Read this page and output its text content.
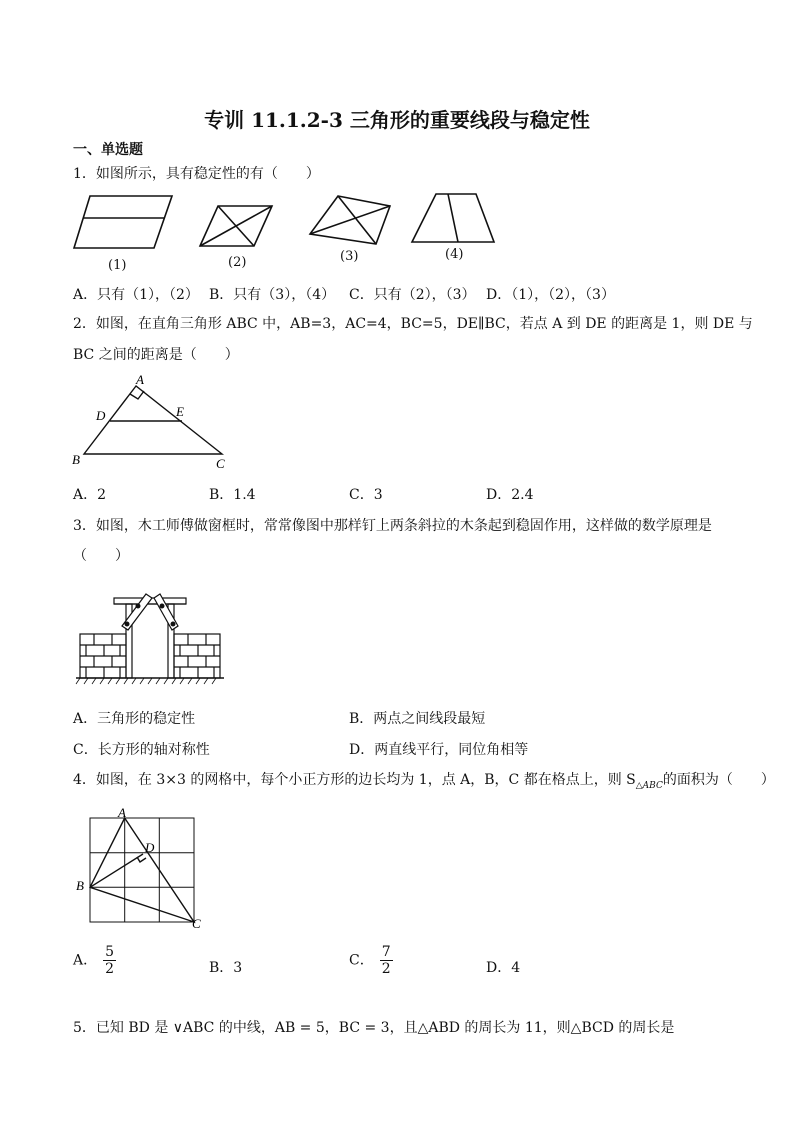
专训 11.1.2-3 三角形的重要线段与稳定性
一、单选题
1．如图所示，具有稳定性的有（　　）
(1)	(2)	(3)	(4)
A．只有（1），（2） B．只有（3），（4） C．只有（2），（3） D．（1），（2），（3）
2．如图，在直角三角形 ABC 中，AB=3，AC=4，BC=5，DE∥BC，若点 A 到 DE 的距离是 1，则 DE 与
BC 之间的距离是（　　）
A
B	C
D	E
A．2	B．1.4	C．3	D．2.4
3．如图，木工师傅做窗框时，常常像图中那样钉上两条斜拉的木条起到稳固作用，这样做的数学原理是
（　　）
A．三角形的稳定性	B．两点之间线段最短
C．长方形的轴对称性	D．两直线平行，同位角相等
4．如图，在 3×3 的网格中，每个小正方形的边长均为 1，点 A，B，C 都在格点上，则 $S_{\triangle ABC}$的面积为（　　）
A
B
C
D
A． $\frac{5}{2}$	B．3	C． $\frac{7}{2}$	D．4
5．已知 BD 是 ∨ABC 的中线，AB = 5，BC = 3，且△ABD 的周长为 11，则△BCD 的周长是
